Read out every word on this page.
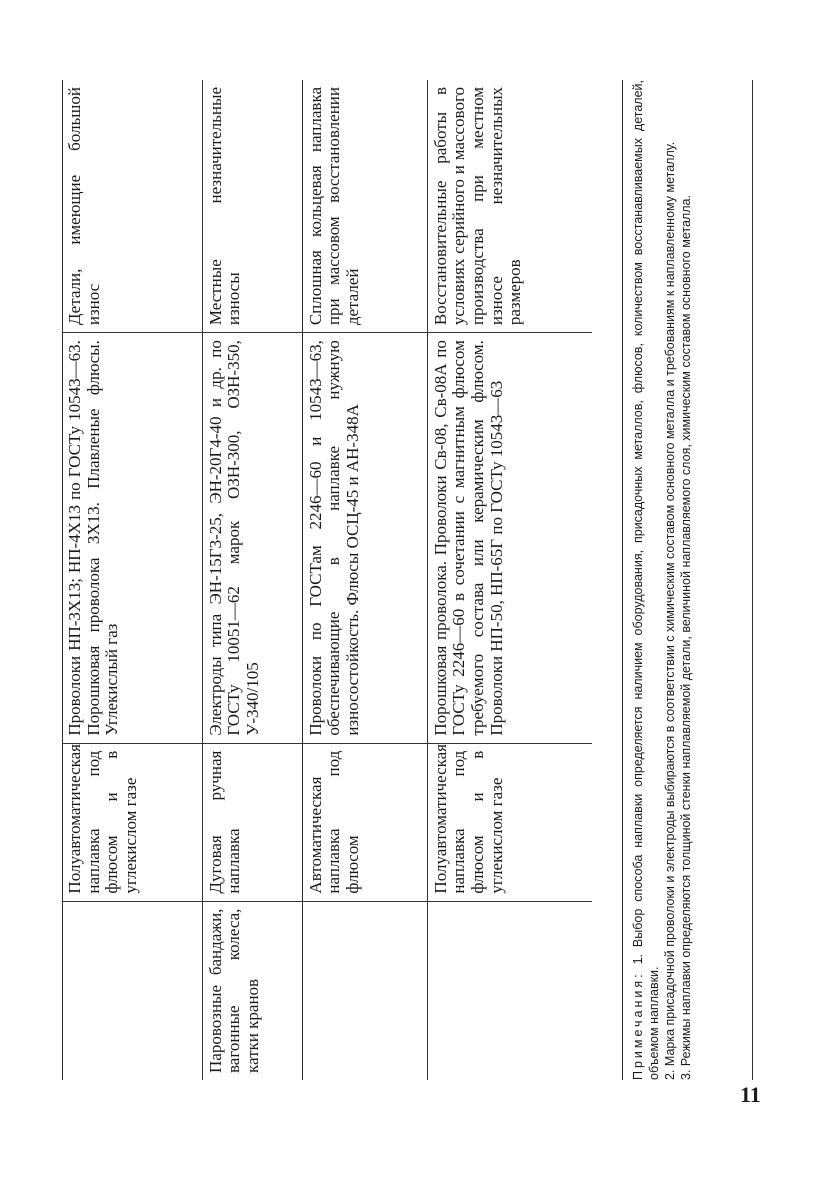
	Полуавтоматическая наплавка под флюсом и в углекислом газе	Проволоки НП-3Х13; НП-4Х13 по ГОСТу 10543—63. Порошковая проволока 3Х13. Плавленые флюсы. Углекислый газ	Детали, имеющие большой износ
Паровозные бандажи, вагонные колеса, катки кранов	Дуговая ручная наплавка	Электроды типа ЭН-15Г3-25, ЭН-20Г4-40 и др. по ГОСТу 10051—62 марок ОЗН-300, ОЗН-350, У-340/105	Местные незначительные износы
	Автоматическая наплавка под флюсом	Проволоки по ГОСТам 2246—60 и 10543—63, обеспечивающие в наплавке нужную износостойкость. Флюсы ОСЦ-45 и АН-348А	Сплошная кольцевая наплавка при массовом восстановлении деталей
	Полуавтоматическая наплавка под флюсом и в углекислом газе	Порошковая проволока. Проволоки Св-08, Св-08А по ГОСТу 2246—60 в сочетании с магнитным флюсом требуемого состава или керамическим флюсом. Проволоки НП-50, НП-65Г по ГОСТу 10543—63	Восстановительные работы в условиях серийного и массового производства при местном износе незначительных размеров

Примечания: 1. Выбор способа наплавки определяется наличием оборудования, присадочных металлов, флюсов, количеством восстанавливаемых деталей, объемом наплавки. 2. Марка присадочной проволоки и электроды выбираются в соответствии с химическим составом основного металла и требованиям к наплавленному металлу. 3. Режимы наплавки определяются толщиной стенки наплавляемой детали, величиной наплавляемого слоя, химическим составом основного металла.

11
